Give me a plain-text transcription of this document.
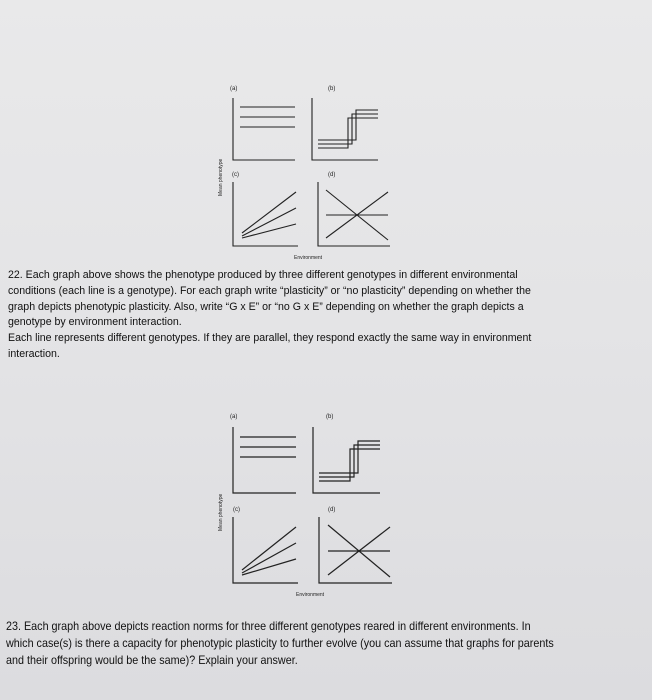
(a)	(b)
(c)	(d)
Mean phenotype
Environment

22. Each graph above shows the phenotype produced by three different genotypes in different environmental

conditions (each line is a genotype). For each graph write “plasticity” or “no plasticity” depending on whether the

graph depicts phenotypic plasticity. Also, write “G x E” or “no G x E” depending on whether the graph depicts a

genotype by environment interaction.

Each line represents different genotypes. If they are parallel, they respond exactly the same way in environment

interaction.

(a)	(b)
(c)	(d)
Mean phenotype
Environment

23. Each graph above depicts reaction norms for three different genotypes reared in different environments. In

which case(s) is there a capacity for phenotypic plasticity to further evolve (you can assume that graphs for parents

and their offspring would be the same)? Explain your answer.
